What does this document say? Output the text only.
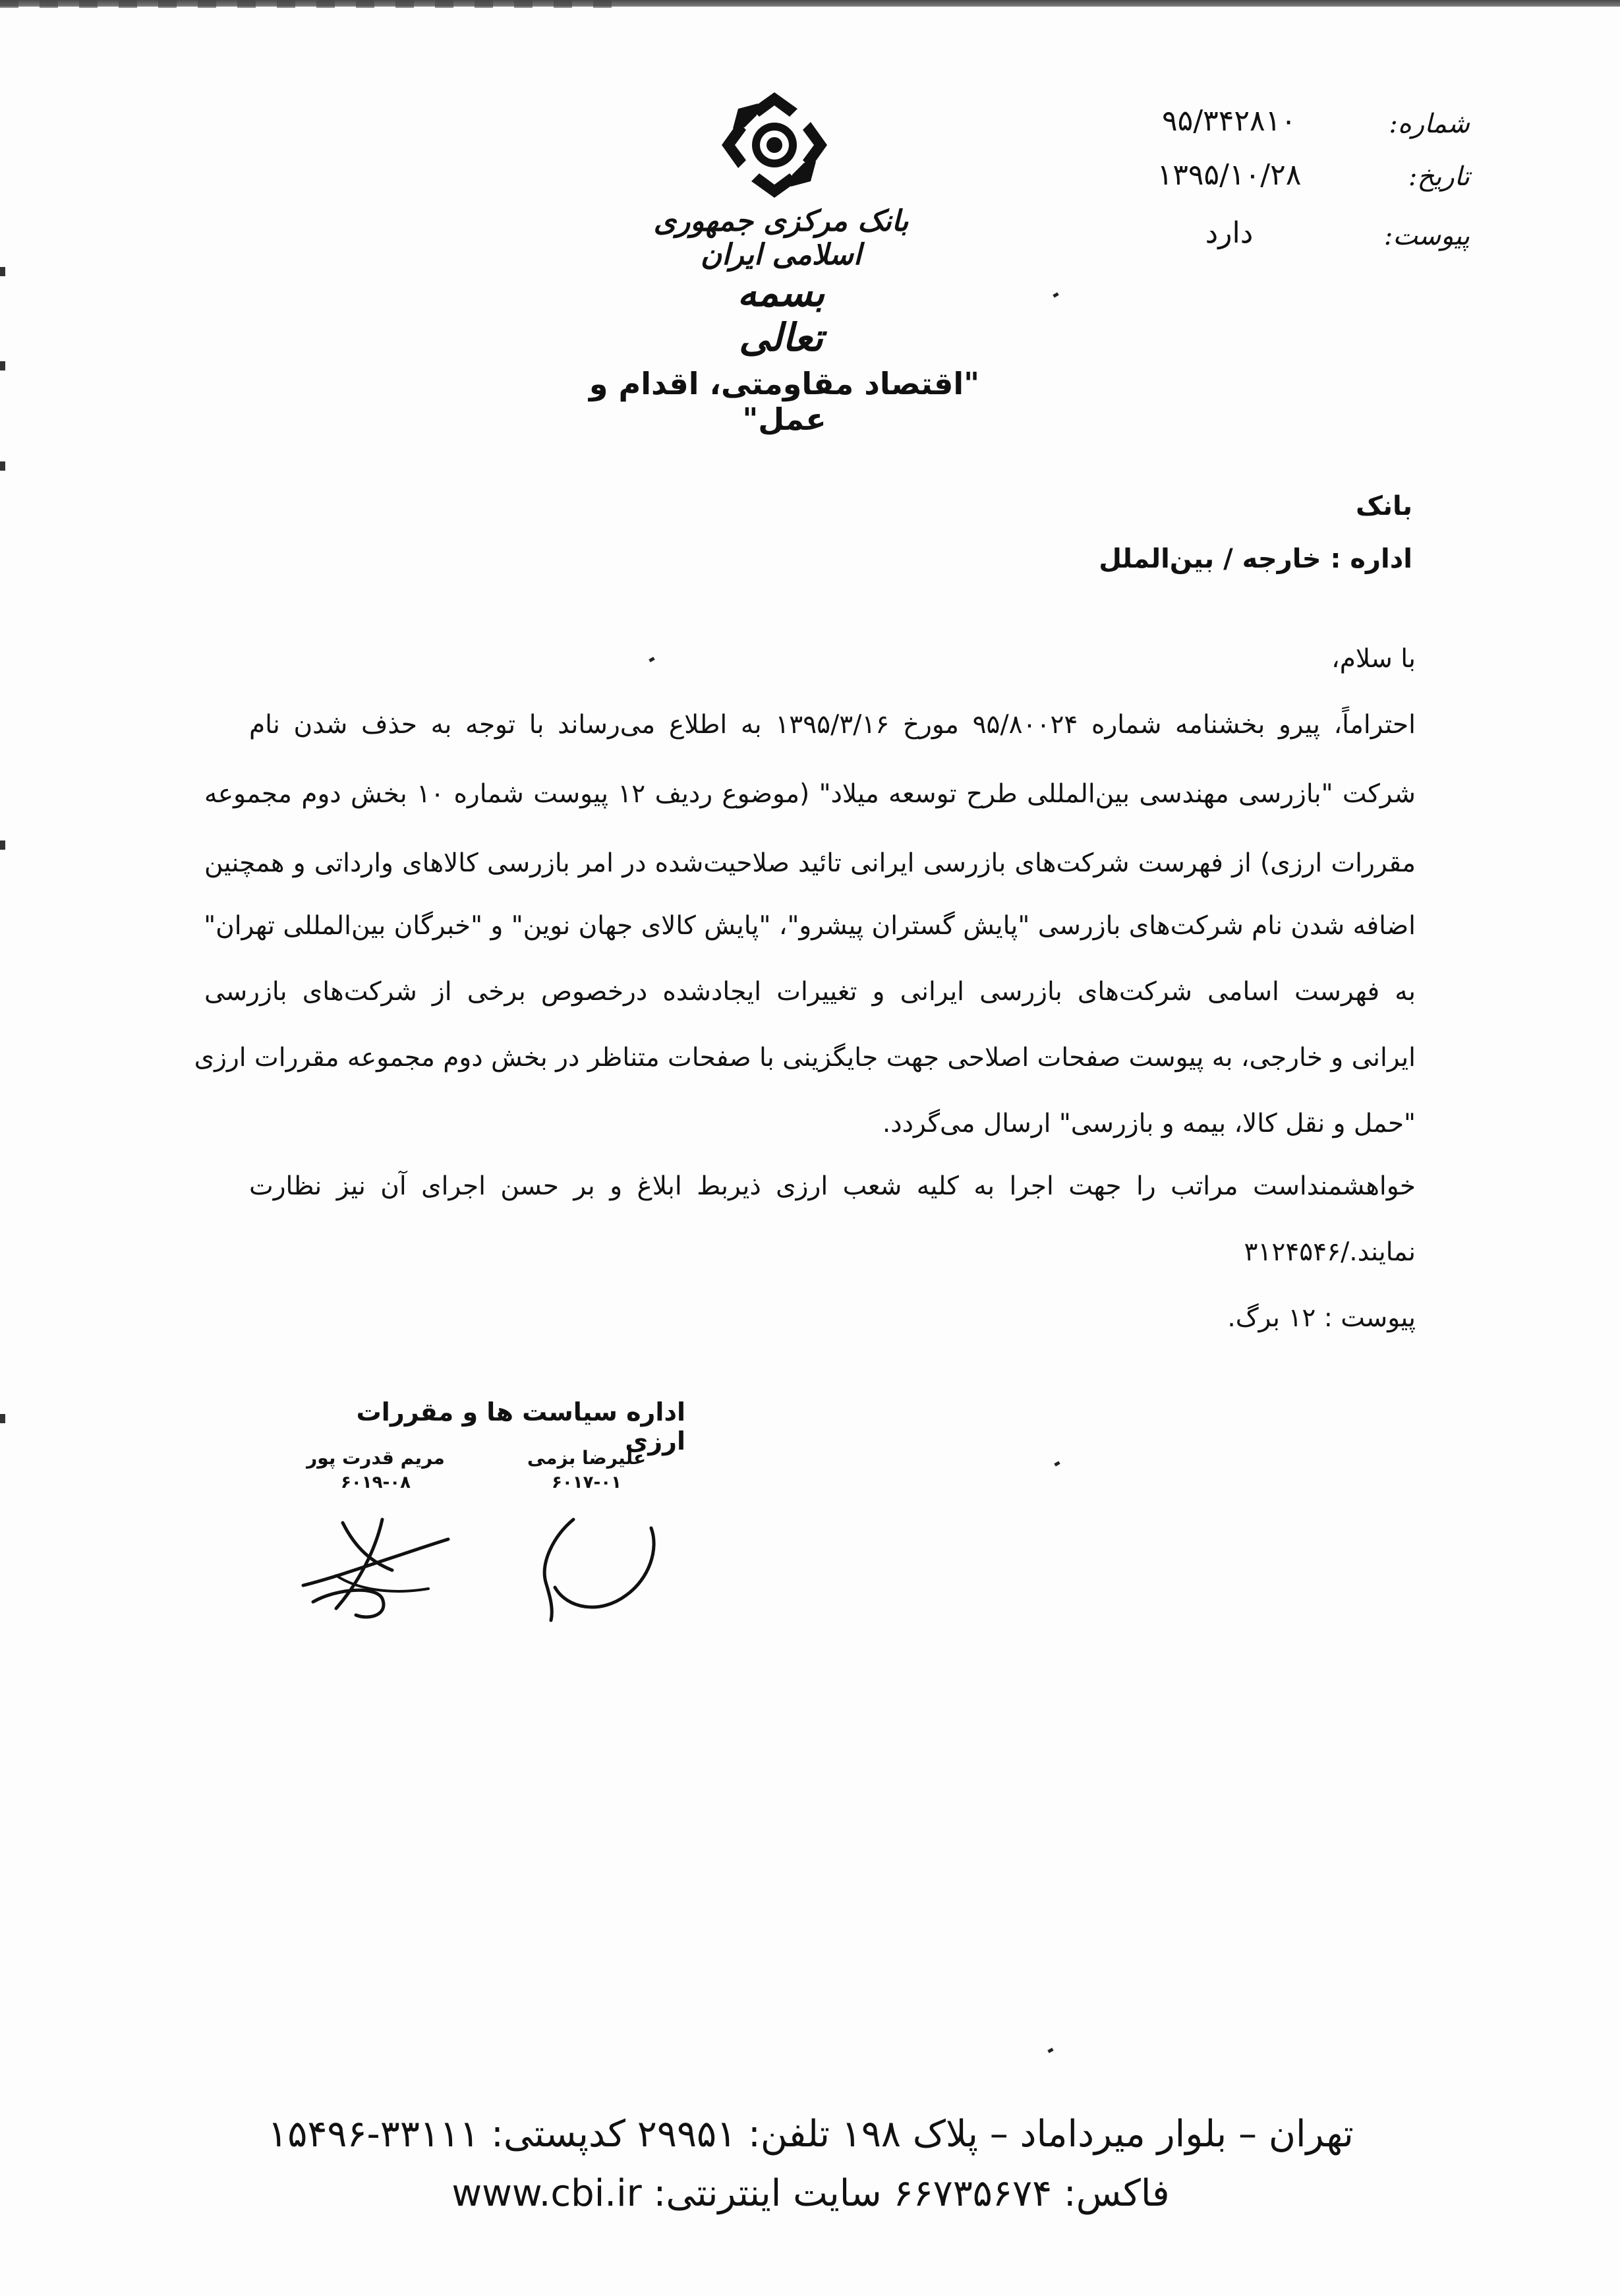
بانک مرکزی جمهوری اسلامی ایران
بسمه تعالی
"اقتصاد مقاومتی، اقدام و عمل"
شماره:
۹۵/۳۴۲۸۱۰
تاریخ:
۱۳۹۵/۱۰/۲۸
پیوست:
دارد
بانک
اداره : خارجه / بین‌الملل
با سلام،
احتراماً، پیرو بخشنامه شماره ۹۵/۸۰۰۲۴ مورخ ۱۳۹۵/۳/۱۶ به اطلاع می‌رساند با توجه به حذف شدن نام
شرکت "بازرسی مهندسی بین‌المللی طرح توسعه میلاد" (موضوع ردیف ۱۲ پیوست شماره ۱۰ بخش دوم مجموعه
مقررات ارزی) از فهرست شرکت‌های بازرسی ایرانی تائید صلاحیت‌شده در امر بازرسی کالاهای وارداتی و همچنین
اضافه شدن نام شرکت‌های بازرسی "پایش گستران پیشرو"، "پایش کالای جهان نوین" و "خبرگان بین‌المللی تهران"
به فهرست اسامی شرکت‌های بازرسی ایرانی و تغییرات ایجادشده درخصوص برخی از شرکت‌های بازرسی
ایرانی و خارجی، به پیوست صفحات اصلاحی جهت جایگزینی با صفحات متناظر در بخش دوم مجموعه مقررات ارزی
"حمل و نقل کالا، بیمه و بازرسی" ارسال می‌گردد.
خواهشمنداست مراتب را جهت اجرا به کلیه شعب ارزی ذیربط ابلاغ و بر حسن اجرای آن نیز نظارت
نمایند./۳۱۲۴۵۴۶
پیوست : ۱۲ برگ.
اداره سیاست ها و مقررات ارزی
علیرضا بزمی
۶۰۱۷-۰۱
مریم قدرت پور
۶۰۱۹-۰۸
تهران – بلوار میرداماد – پلاک ۱۹۸ تلفن: ۲۹۹۵۱ کدپستی: ۳۳۱۱۱-۱۵۴۹۶
فاکس: ۶۶۷۳۵۶۷۴ سایت اینترنتی: www.cbi.ir
